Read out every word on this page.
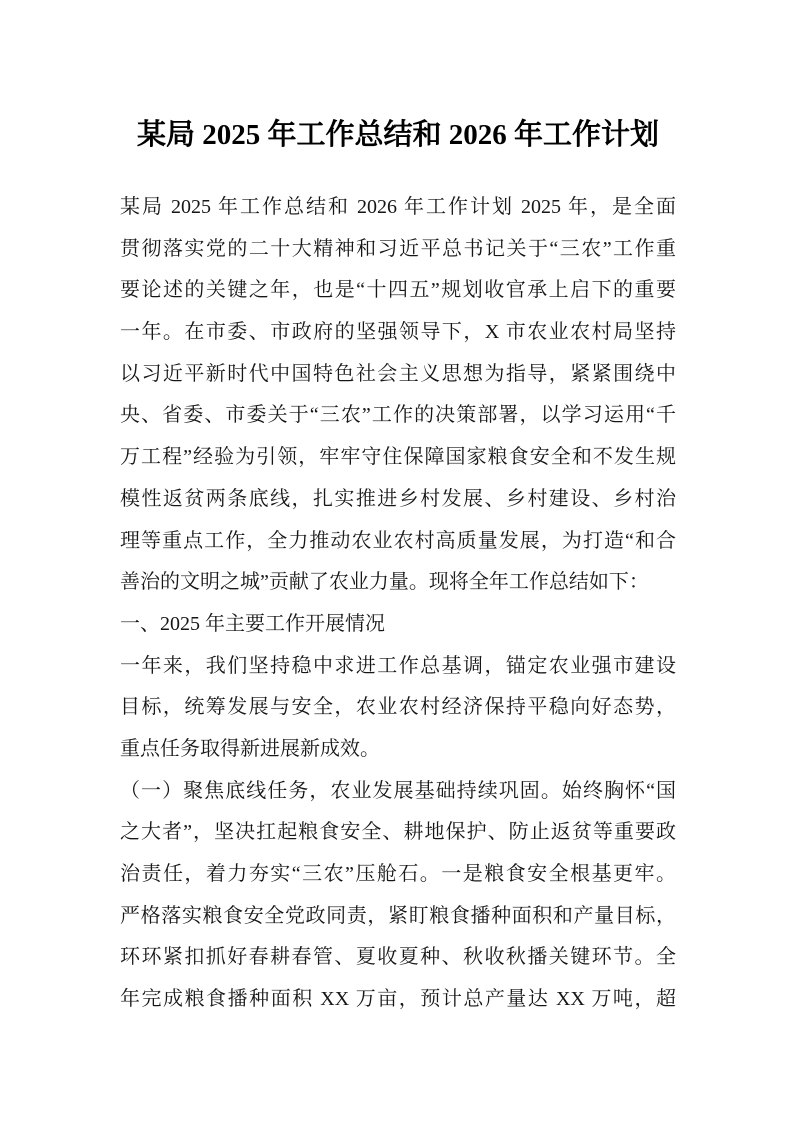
某局 2025 年工作总结和 2026 年工作计划
某局 2025 年工作总结和 2026 年工作计划 2025 年，是全面
贯彻落实党的二十大精神和习近平总书记关于“三农”工作重
要论述的关键之年，也是“十四五”规划收官承上启下的重要
一年。在市委、市政府的坚强领导下，X 市农业农村局坚持
以习近平新时代中国特色社会主义思想为指导，紧紧围绕中
央、省委、市委关于“三农”工作的决策部署，以学习运用“千
万工程”经验为引领，牢牢守住保障国家粮食安全和不发生规
模性返贫两条底线，扎实推进乡村发展、乡村建设、乡村治
理等重点工作，全力推动农业农村高质量发展，为打造“和合
善治的文明之城”贡献了农业力量。现将全年工作总结如下：
一、2025 年主要工作开展情况
一年来，我们坚持稳中求进工作总基调，锚定农业强市建设
目标，统筹发展与安全，农业农村经济保持平稳向好态势，
重点任务取得新进展新成效。
（一）聚焦底线任务，农业发展基础持续巩固。始终胸怀“国
之大者”，坚决扛起粮食安全、耕地保护、防止返贫等重要政
治责任，着力夯实“三农”压舱石。一是粮食安全根基更牢。
严格落实粮食安全党政同责，紧盯粮食播种面积和产量目标，
环环紧扣抓好春耕春管、夏收夏种、秋收秋播关键环节。全
年完成粮食播种面积 XX 万亩，预计总产量达 XX 万吨，超
